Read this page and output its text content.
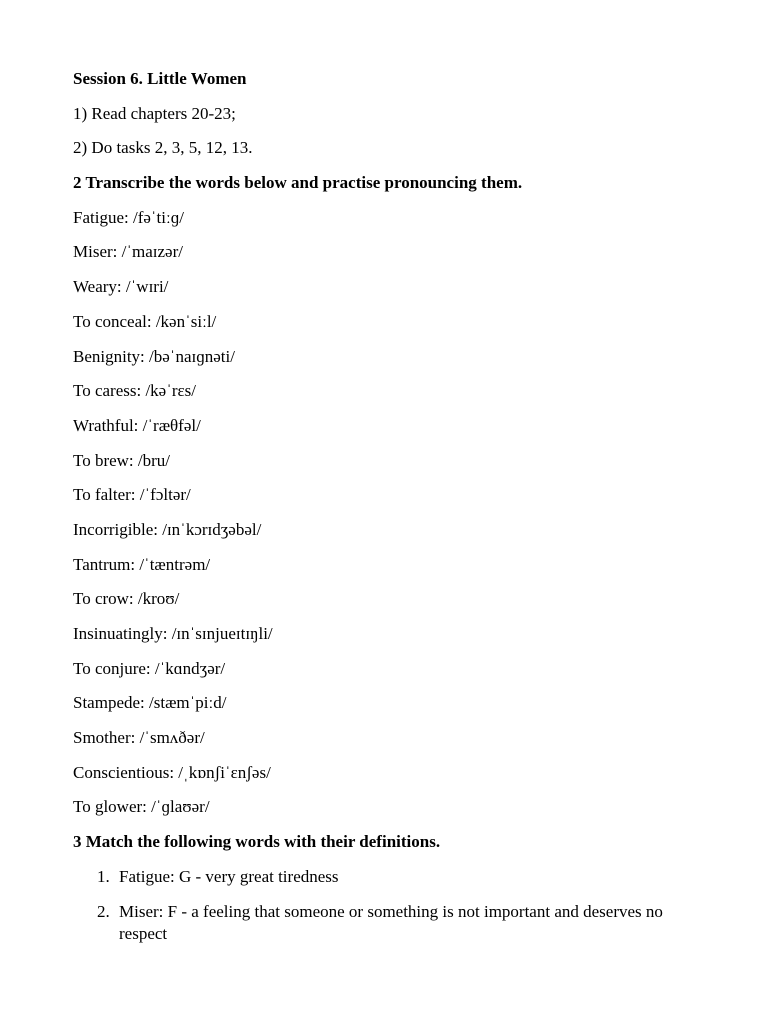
Session 6. Little Women
1) Read chapters 20-23;
2) Do tasks 2, 3, 5, 12, 13.
2 Transcribe the words below and practise pronouncing them.
Fatigue: /fəˈtiːɡ/
Miser: /ˈmaɪzər/
Weary: /ˈwɪri/
To conceal: /kənˈsiːl/
Benignity: /bəˈnaɪɡnəti/
To caress: /kəˈrɛs/
Wrathful: /ˈræθfəl/
To brew: /bru/
To falter: /ˈfɔltər/
Incorrigible: /ɪnˈkɔrɪdʒəbəl/
Tantrum: /ˈtæntrəm/
To crow: /kroʊ/
Insinuatingly: /ɪnˈsɪnjueɪtɪŋli/
To conjure: /ˈkɑndʒər/
Stampede: /stæmˈpiːd/
Smother: /ˈsmʌðər/
Conscientious: /ˌkɒnʃiˈɛnʃəs/
To glower: /ˈɡlaʊər/
3 Match the following words with their definitions.
1. Fatigue: G - very great tiredness
2. Miser: F - a feeling that someone or something is not important and deserves no respect
